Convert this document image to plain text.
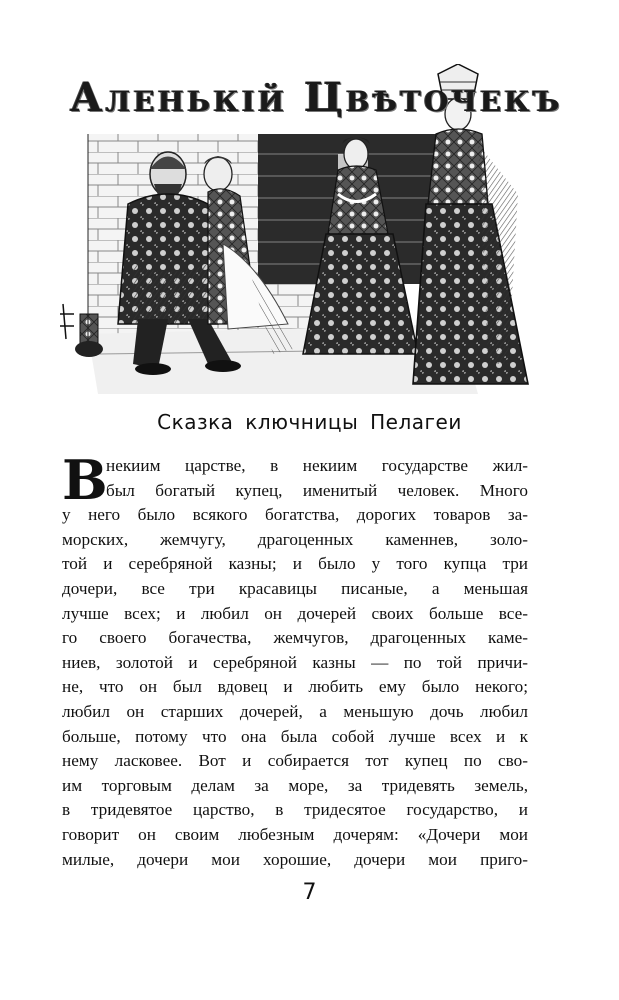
Аленькій Цвѣточекъ
Сказка ключницы Пелагеи
В
некиим царстве, в некиим государстве жил-
был богатый купец, именитый человек. Много
у него было всякого богатства, дорогих товаров за-
морских, жемчугу, драгоценных каменнев, золо-
той и серебряной казны; и было у того купца три
дочери, все три красавицы писаные, а меньшая
лучше всех; и любил он дочерей своих больше все-
го своего богачества, жемчугов, драгоценных каме-
ниев, золотой и серебряной казны — по той причи-
не, что он был вдовец и любить ему было некого;
любил он старших дочерей, а меньшую дочь любил
больше, потому что она была собой лучше всех и к
нему ласковее. Вот и собирается тот купец по сво-
им торговым делам за море, за тридевять земель,
в тридевятое царство, в тридесятое государство, и
говорит он своим любезным дочерям: «Дочери мои
милые, дочери мои хорошие, дочери мои приго-
7
